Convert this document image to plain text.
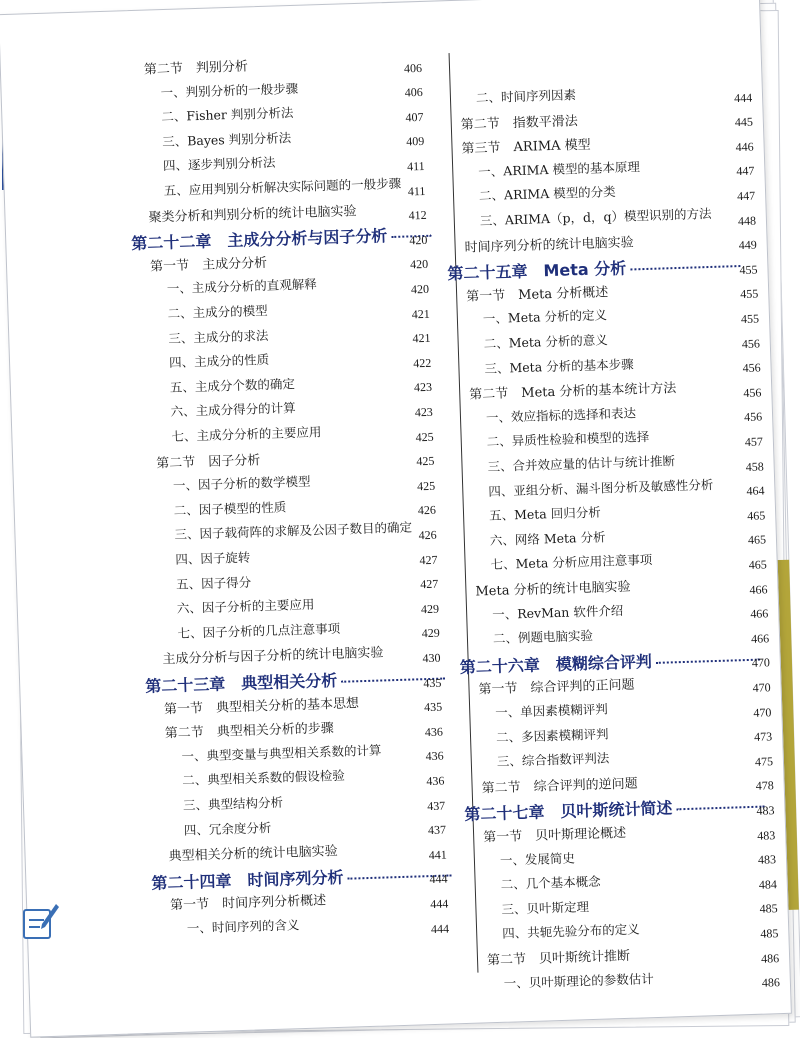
第二节　判别分析
一、判别分析的一般步骤
406
二、Fisher 判别分析法
406
三、Bayes 判别分析法
407
四、逐步判别分析法
409
五、应用判别分析解决实际问题的一般步骤
411
聚类分析和判别分析的统计电脑实验
411
第二十二章　主成分分析与因子分析
412
第一节　主成分分析
420
一、主成分分析的直观解释
420
二、主成分的模型
420
三、主成分的求法
421
四、主成分的性质
421
五、主成分个数的确定
422
六、主成分得分的计算
423
七、主成分分析的主要应用
423
第二节　因子分析
425
一、因子分析的数学模型
425
二、因子模型的性质
425
三、因子载荷阵的求解及公因子数目的确定
426
四、因子旋转
426
五、因子得分
427
六、因子分析的主要应用
427
七、因子分析的几点注意事项
429
主成分分析与因子分析的统计电脑实验
429
第二十三章　典型相关分析
430
第一节　典型相关分析的基本思想
435
第二节　典型相关分析的步骤
435
一、典型变量与典型相关系数的计算
436
二、典型相关系数的假设检验
436
三、典型结构分析
436
四、冗余度分析
437
典型相关分析的统计电脑实验
437
第二十四章　时间序列分析
441
第一节　时间序列分析概述
444
一、时间序列的含义
444
444
二、时间序列因素
第二节　指数平滑法
444
第三节　ARIMA 模型
445
一、ARIMA 模型的基本原理
446
二、ARIMA 模型的分类
447
三、ARIMA（p，d，q）模型识别的方法
447
时间序列分析的统计电脑实验
448
第二十五章　Meta 分析
449
第一节　Meta 分析概述
455
一、Meta 分析的定义
455
二、Meta 分析的意义
455
三、Meta 分析的基本步骤
456
第二节　Meta 分析的基本统计方法
456
一、效应指标的选择和表达
456
二、异质性检验和模型的选择
456
三、合并效应量的估计与统计推断
457
四、亚组分析、漏斗图分析及敏感性分析
458
五、Meta 回归分析
464
六、网络 Meta 分析
465
七、Meta 分析应用注意事项
465
Meta 分析的统计电脑实验
465
一、RevMan 软件介绍
466
二、例题电脑实验
466
第二十六章　模糊综合评判
466
第一节　综合评判的正问题
470
一、单因素模糊评判
470
二、多因素模糊评判
470
三、综合指数评判法
473
第二节　综合评判的逆问题
475
第二十七章　贝叶斯统计简述
478
第一节　贝叶斯理论概述
483
一、发展简史
483
二、几个基本概念
483
三、贝叶斯定理
484
四、共轭先验分布的定义
485
第二节　贝叶斯统计推断
485
一、贝叶斯理论的参数估计
486
486
